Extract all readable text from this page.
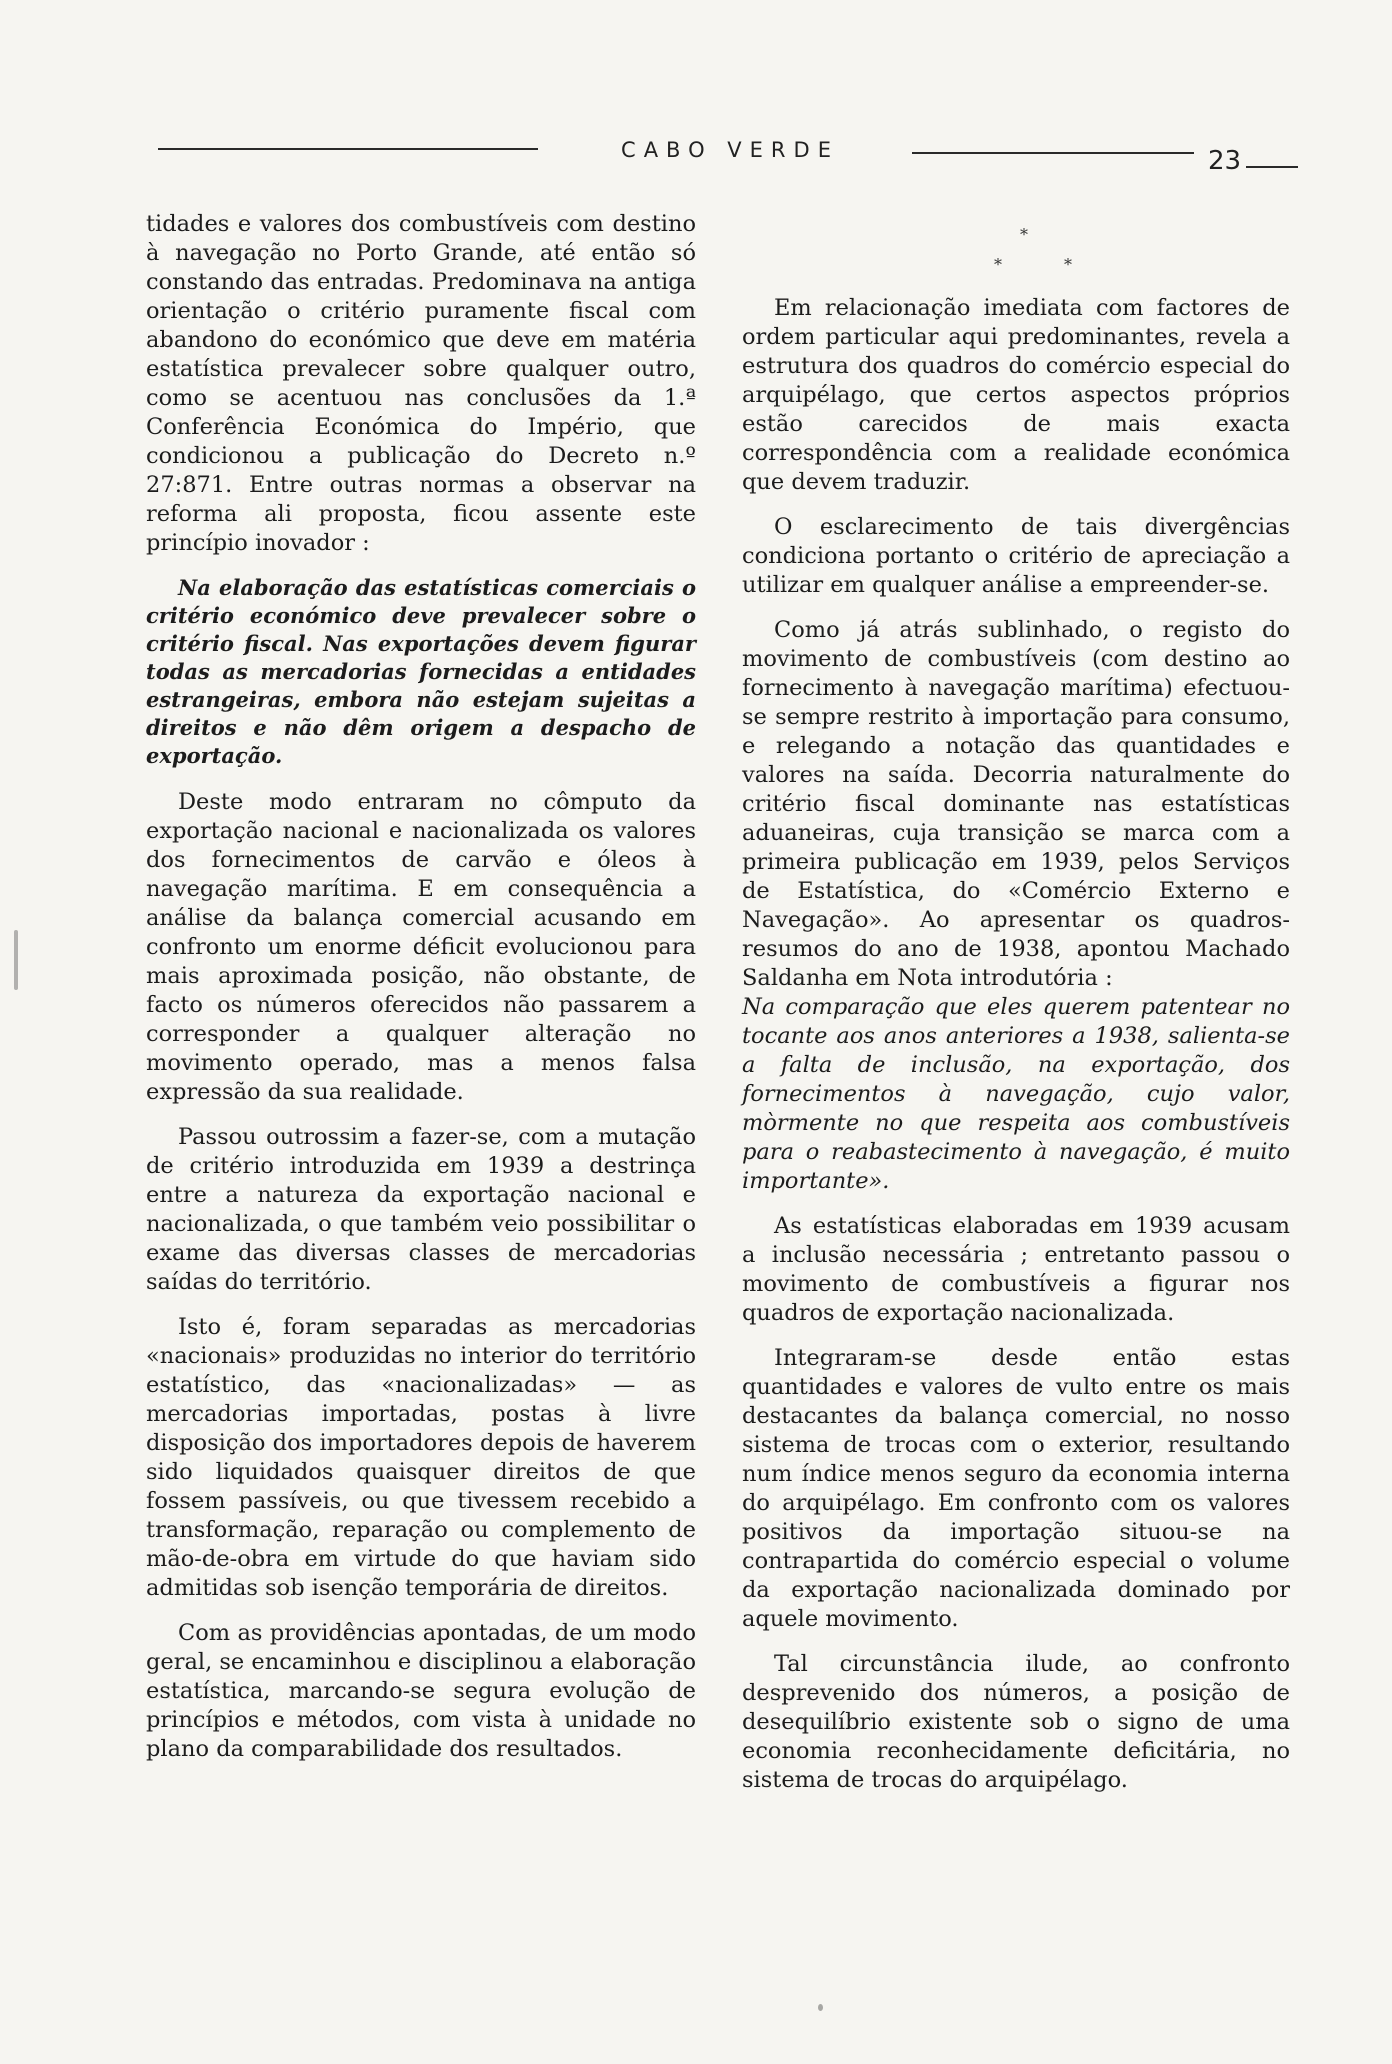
CABO VERDE	23

tidades e valores dos combustíveis com destino à navegação no Porto Grande, até então só constando das entradas. Predominava na antiga orientação o critério puramente fiscal com abandono do económico que deve em matéria estatística prevalecer sobre qualquer outro, como se acentuou nas conclusões da 1.ª Conferência Económica do Império, que condicionou a publicação do Decreto n.º 27:871. Entre outras normas a observar na reforma ali proposta, ficou assente este princípio inovador :

Na elaboração das estatísticas comerciais o critério económico deve prevalecer sobre o critério fiscal. Nas exportações devem figurar todas as mercadorias fornecidas a entidades estrangeiras, embora não estejam sujeitas a direitos e não dêm origem a despacho de exportação.

Deste modo entraram no cômputo da exportação nacional e nacionalizada os valores dos fornecimentos de carvão e óleos à navegação marítima. E em consequência a análise da balança comercial acusando em confronto um enorme déficit evolucionou para mais aproximada posição, não obstante, de facto os números oferecidos não passarem a corresponder a qualquer alteração no movimento operado, mas a menos falsa expressão da sua realidade.

Passou outrossim a fazer-se, com a mutação de critério introduzida em 1939 a destrinça entre a natureza da exportação nacional e nacionalizada, o que também veio possibilitar o exame das diversas classes de mercadorias saídas do território.

Isto é, foram separadas as mercadorias «nacionais» produzidas no interior do território estatístico, das «nacionalizadas» — as mercadorias importadas, postas à livre disposição dos importadores depois de haverem sido liquidados quaisquer direitos de que fossem passíveis, ou que tivessem recebido a transformação, reparação ou complemento de mão-de-obra em virtude do que haviam sido admitidas sob isenção temporária de direitos.

Com as providências apontadas, de um modo geral, se encaminhou e disciplinou a elaboração estatística, marcando-se segura evolução de princípios e métodos, com vista à unidade no plano da comparabilidade dos resultados.

*
*	*

Em relacionação imediata com factores de ordem particular aqui predominantes, revela a estrutura dos quadros do comércio especial do arquipélago, que certos aspectos próprios estão carecidos de mais exacta correspondência com a realidade económica que devem traduzir.

O esclarecimento de tais divergências condiciona portanto o critério de apreciação a utilizar em qualquer análise a empreender-se.

Como já atrás sublinhado, o registo do movimento de combustíveis (com destino ao fornecimento à navegação marítima) efectuou-se sempre restrito à importação para consumo, e relegando a notação das quantidades e valores na saída. Decorria naturalmente do critério fiscal dominante nas estatísticas aduaneiras, cuja transição se marca com a primeira publicação em 1939, pelos Serviços de Estatística, do «Comércio Externo e Navegação». Ao apresentar os quadros-resumos do ano de 1938, apontou Machado Saldanha em Nota introdutória :

Na comparação que eles querem patentear no tocante aos anos anteriores a 1938, salienta-se a falta de inclusão, na exportação, dos fornecimentos à navegação, cujo valor, mòrmente no que respeita aos combustíveis para o reabastecimento à navegação, é muito importante».

As estatísticas elaboradas em 1939 acusam a inclusão necessária ; entretanto passou o movimento de combustíveis a figurar nos quadros de exportação nacionalizada.

Integraram-se desde então estas quantidades e valores de vulto entre os mais destacantes da balança comercial, no nosso sistema de trocas com o exterior, resultando num índice menos seguro da economia interna do arquipélago. Em confronto com os valores positivos da importação situou-se na contrapartida do comércio especial o volume da exportação nacionalizada dominado por aquele movimento.

Tal circunstância ilude, ao confronto desprevenido dos números, a posição de desequilíbrio existente sob o signo de uma economia reconhecidamente deficitária, no sistema de trocas do arquipélago.
